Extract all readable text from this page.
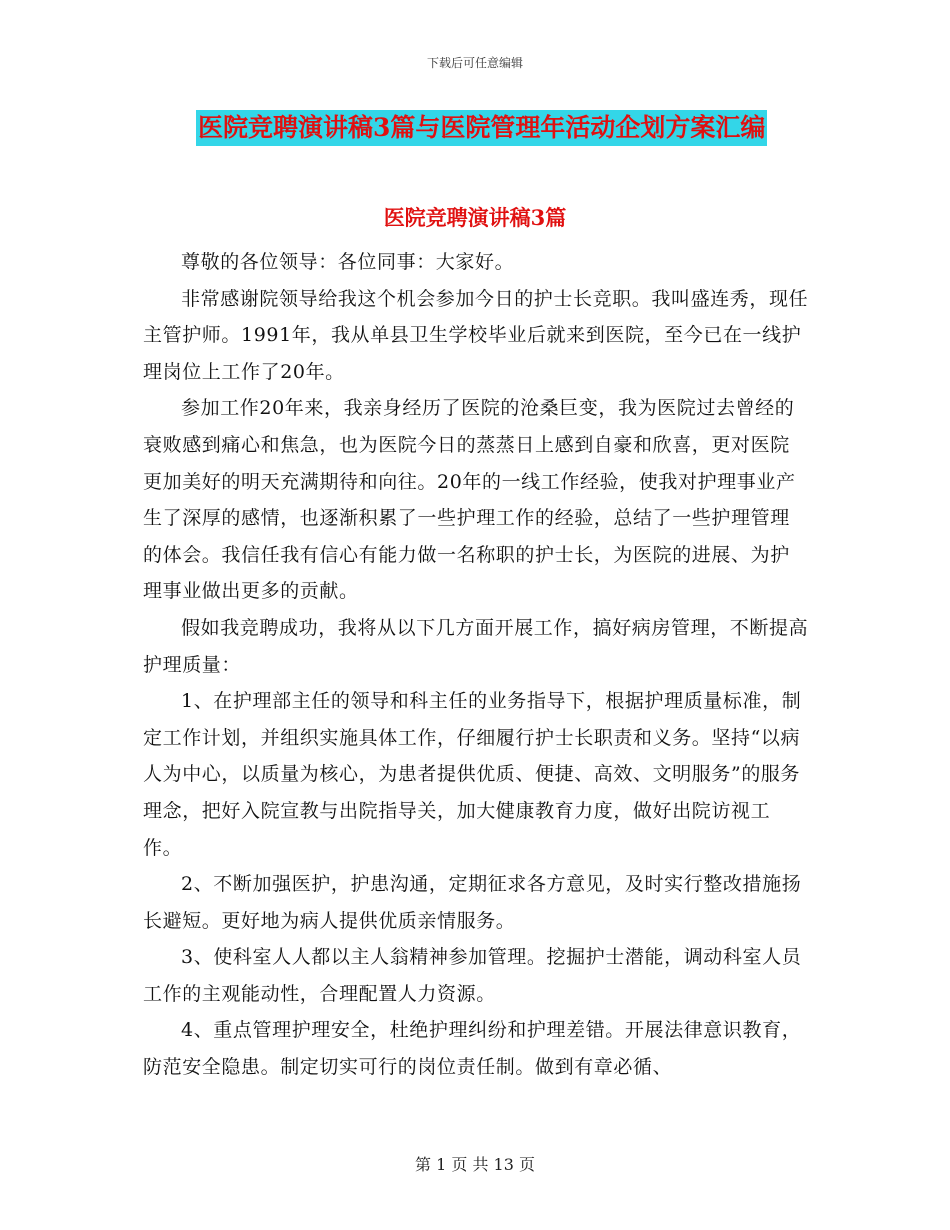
下载后可任意编辑
医院竞聘演讲稿3篇与医院管理年活动企划方案汇编
医院竞聘演讲稿3篇

尊敬的各位领导：各位同事：大家好。

非常感谢院领导给我这个机会参加今日的护士长竞职。我叫盛连秀，现任主管护师。1991年，我从单县卫生学校毕业后就来到医院，至今已在一线护理岗位上工作了20年。

参加工作20年来，我亲身经历了医院的沧桑巨变，我为医院过去曾经的衰败感到痛心和焦急，也为医院今日的蒸蒸日上感到自豪和欣喜，更对医院更加美好的明天充满期待和向往。20年的一线工作经验，使我对护理事业产生了深厚的感情，也逐渐积累了一些护理工作的经验，总结了一些护理管理的体会。我信任我有信心有能力做一名称职的护士长，为医院的进展、为护理事业做出更多的贡献。

假如我竞聘成功，我将从以下几方面开展工作，搞好病房管理，不断提高护理质量：

1、在护理部主任的领导和科主任的业务指导下，根据护理质量标准，制定工作计划，并组织实施具体工作，仔细履行护士长职责和义务。坚持“以病人为中心，以质量为核心，为患者提供优质、便捷、高效、文明服务”的服务理念，把好入院宣教与出院指导关，加大健康教育力度，做好出院访视工作。

2、不断加强医护，护患沟通，定期征求各方意见，及时实行整改措施扬长避短。更好地为病人提供优质亲情服务。

3、使科室人人都以主人翁精神参加管理。挖掘护士潜能，调动科室人员工作的主观能动性，合理配置人力资源。

4、重点管理护理安全，杜绝护理纠纷和护理差错。开展法律意识教育，防范安全隐患。制定切实可行的岗位责任制。做到有章必循、

第 1 页 共 13 页
